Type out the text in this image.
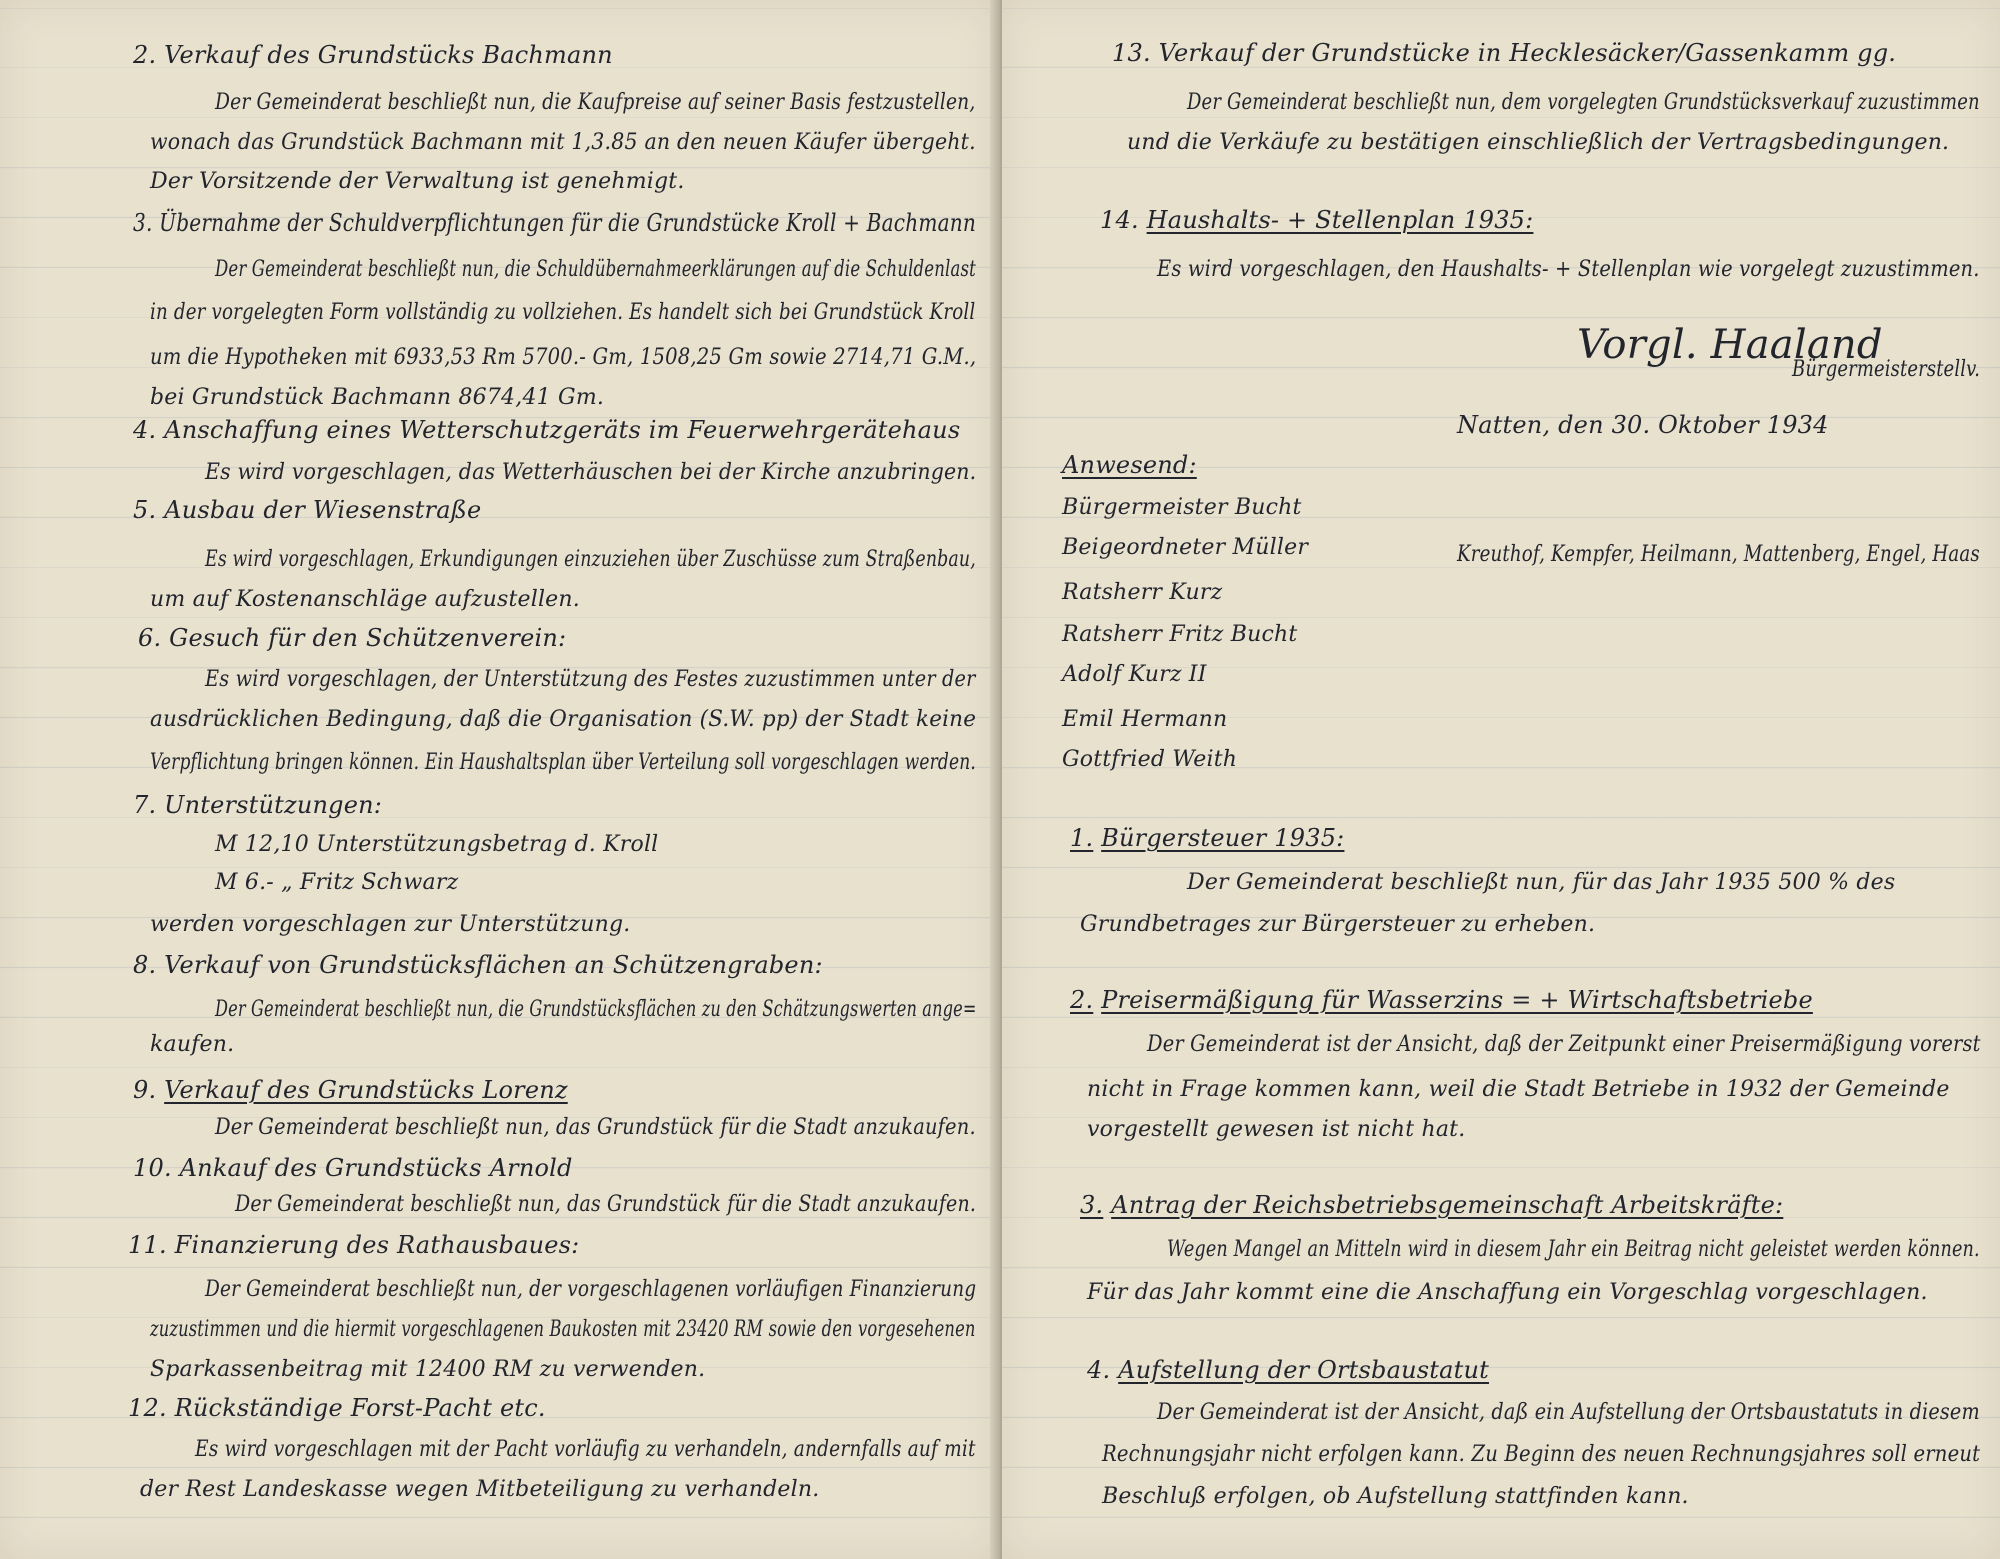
2. Verkauf des Grundstücks Bachmann
Der Gemeinderat beschließt nun, die Kaufpreise auf seiner Basis festzustellen,
wonach das Grundstück Bachmann mit 1,3.85 an den neuen Käufer übergeht.
Der Vorsitzende der Verwaltung ist genehmigt.
3. Übernahme der Schuldverpflichtungen für die Grundstücke Kroll + Bachmann
Der Gemeinderat beschließt nun, die Schuldübernahmeerklärungen auf die Schuldenlast
in der vorgelegten Form vollständig zu vollziehen. Es handelt sich bei Grundstück Kroll
um die Hypotheken mit 6933,53 Rm 5700.- Gm, 1508,25 Gm sowie 2714,71 G.M.,
bei Grundstück Bachmann 8674,41 Gm.
4. Anschaffung eines Wetterschutzgeräts im Feuerwehrgerätehaus
Es wird vorgeschlagen, das Wetterhäuschen bei der Kirche anzubringen.
5. Ausbau der Wiesenstraße
Es wird vorgeschlagen, Erkundigungen einzuziehen über Zuschüsse zum Straßenbau,
um auf Kostenanschläge aufzustellen.
6. Gesuch für den Schützenverein:
Es wird vorgeschlagen, der Unterstützung des Festes zuzustimmen unter der
ausdrücklichen Bedingung, daß die Organisation (S.W. pp) der Stadt keine
Verpflichtung bringen können. Ein Haushaltsplan über Verteilung soll vorgeschlagen werden.
7. Unterstützungen:
M 12,10 Unterstützungsbetrag d. Kroll
M 6.- „ Fritz Schwarz
werden vorgeschlagen zur Unterstützung.
8. Verkauf von Grundstücksflächen an Schützengraben:
Der Gemeinderat beschließt nun, die Grundstücksflächen zu den Schätzungswerten ange=
kaufen.
9. Verkauf des Grundstücks Lorenz
Der Gemeinderat beschließt nun, das Grundstück für die Stadt anzukaufen.
10. Ankauf des Grundstücks Arnold
Der Gemeinderat beschließt nun, das Grundstück für die Stadt anzukaufen.
11. Finanzierung des Rathausbaues:
Der Gemeinderat beschließt nun, der vorgeschlagenen vorläufigen Finanzierung
zuzustimmen und die hiermit vorgeschlagenen Baukosten mit 23420 RM sowie den vorgesehenen
Sparkassenbeitrag mit 12400 RM zu verwenden.
12. Rückständige Forst-Pacht etc.
Es wird vorgeschlagen mit der Pacht vorläufig zu verhandeln, andernfalls auf mit
der Rest Landeskasse wegen Mitbeteiligung zu verhandeln.
13. Verkauf der Grundstücke in Hecklesäcker/Gassenkamm gg.
Der Gemeinderat beschließt nun, dem vorgelegten Grundstücksverkauf zuzustimmen
und die Verkäufe zu bestätigen einschließlich der Vertragsbedingungen.
14. Haushalts- + Stellenplan 1935:
Es wird vorgeschlagen, den Haushalts- + Stellenplan wie vorgelegt zuzustimmen.
Vorgl. Haaland
Bürgermeisterstellv.
Natten, den 30. Oktober 1934
Anwesend:
Bürgermeister Bucht
Beigeordneter Müller
Ratsherr Kurz
Ratsherr Fritz Bucht
Adolf Kurz II
Emil Hermann
Gottfried Weith
Kreuthof, Kempfer, Heilmann, Mattenberg, Engel, Haas
1. Bürgersteuer 1935:
Der Gemeinderat beschließt nun, für das Jahr 1935 500 % des
Grundbetrages zur Bürgersteuer zu erheben.
2. Preisermäßigung für Wasserzins = + Wirtschaftsbetriebe
Der Gemeinderat ist der Ansicht, daß der Zeitpunkt einer Preisermäßigung vorerst
nicht in Frage kommen kann, weil die Stadt Betriebe in 1932 der Gemeinde
vorgestellt gewesen ist nicht hat.
3. Antrag der Reichsbetriebsgemeinschaft Arbeitskräfte:
Wegen Mangel an Mitteln wird in diesem Jahr ein Beitrag nicht geleistet werden können.
Für das Jahr kommt eine die Anschaffung ein Vorgeschlag vorgeschlagen.
4. Aufstellung der Ortsbaustatut
Der Gemeinderat ist der Ansicht, daß ein Aufstellung der Ortsbaustatuts in diesem
Rechnungsjahr nicht erfolgen kann. Zu Beginn des neuen Rechnungsjahres soll erneut
Beschluß erfolgen, ob Aufstellung stattfinden kann.
